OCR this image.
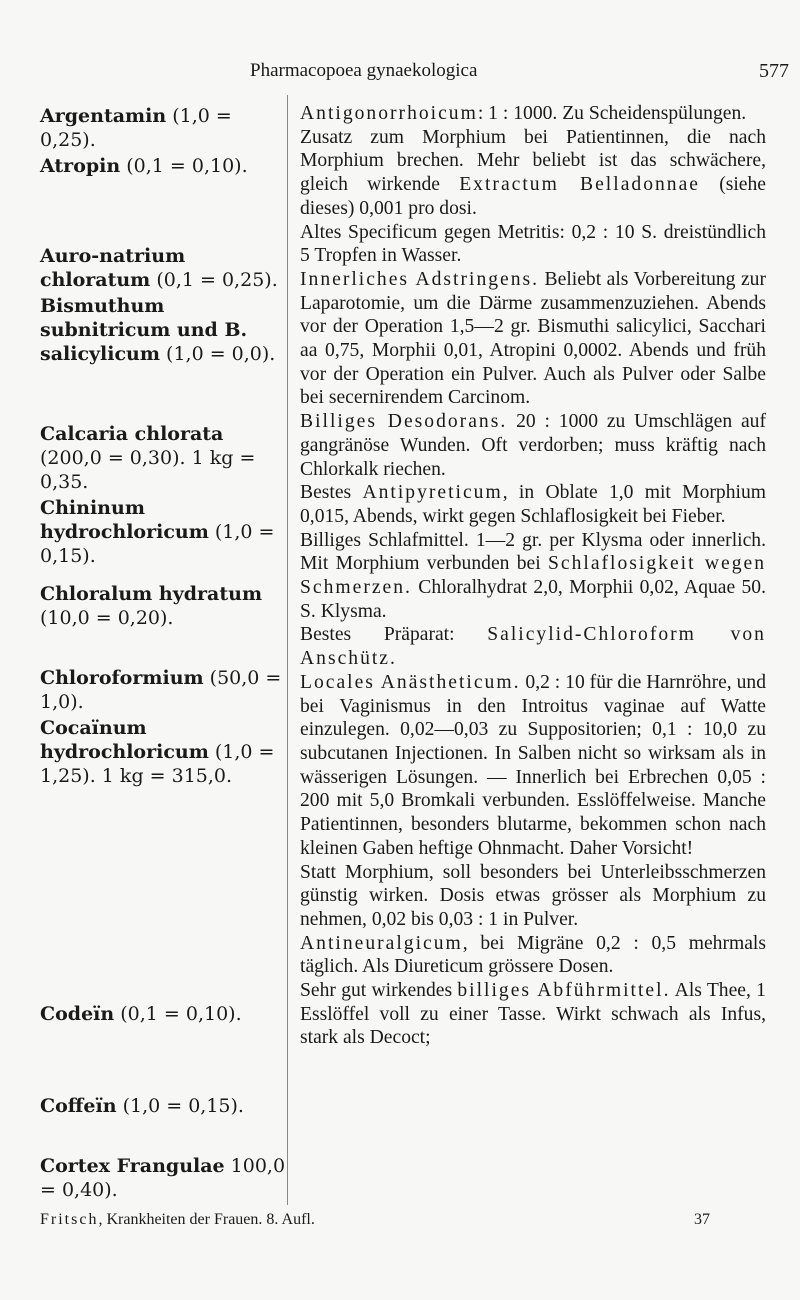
Pharmacopoea gynaekologica	577
Argentamin (1,0 = 0,25).
Atropin (0,1 = 0,10).
Auro-natrium chloratum (0,1 = 0,25).
Bismuthum subnitricum und B. salicylicum (1,0 = 0,0).
Calcaria chlorata (200,0 = 0,30). 1 kg = 0,35.
Chininum hydrochloricum (1,0 = 0,15).
Chloralum hydratum (10,0 = 0,20).
Chloroformium (50,0 = 1,0).
Cocaïnum hydrochloricum (1,0 = 1,25). 1 kg = 315,0.
Codeïn (0,1 = 0,10).
Coffeïn (1,0 = 0,15).
Cortex Frangulae 100,0 = 0,40).

Antigonorrhoicum: 1 : 1000. Zu Scheidenspülungen.

Zusatz zum Morphium bei Patientinnen, die nach Morphium brechen. Mehr beliebt ist das schwächere, gleich wirkende Extractum Belladonnae (siehe dieses) 0,001 pro dosi.

Altes Specificum gegen Metritis: 0,2 : 10 S. dreistündlich 5 Tropfen in Wasser.

Innerliches Adstringens. Beliebt als Vorbereitung zur Laparotomie, um die Därme zusammenzuziehen. Abends vor der Operation 1,5—2 gr. Bismuthi salicylici, Sacchari aa 0,75, Morphii 0,01, Atropini 0,0002. Abends und früh vor der Operation ein Pulver. Auch als Pulver oder Salbe bei secernirendem Carcinom.

Billiges Desodorans. 20 : 1000 zu Umschlägen auf gangränöse Wunden. Oft verdorben; muss kräftig nach Chlorkalk riechen.

Bestes Antipyreticum, in Oblate 1,0 mit Morphium 0,015, Abends, wirkt gegen Schlaflosigkeit bei Fieber.

Billiges Schlafmittel. 1—2 gr. per Klysma oder innerlich. Mit Morphium verbunden bei Schlaflosigkeit wegen Schmerzen. Chloralhydrat 2,0, Morphii 0,02, Aquae 50. S. Klysma.

Bestes Präparat: Salicylid-Chloroform von Anschütz.

Locales Anästheticum. 0,2 : 10 für die Harnröhre, und bei Vaginismus in den Introitus vaginae auf Watte einzulegen. 0,02—0,03 zu Suppositorien; 0,1 : 10,0 zu subcutanen Injectionen. In Salben nicht so wirksam als in wässerigen Lösungen. — Innerlich bei Erbrechen 0,05 : 200 mit 5,0 Bromkali verbunden. Esslöffelweise. Manche Patientinnen, besonders blutarme, bekommen schon nach kleinen Gaben heftige Ohnmacht. Daher Vorsicht!

Statt Morphium, soll besonders bei Unterleibsschmerzen günstig wirken. Dosis etwas grösser als Morphium zu nehmen, 0,02 bis 0,03 : 1 in Pulver.

Antineuralgicum, bei Migräne 0,2 : 0,5 mehrmals täglich. Als Diureticum grössere Dosen.

Sehr gut wirkendes billiges Abführmittel. Als Thee, 1 Esslöffel voll zu einer Tasse. Wirkt schwach als Infus, stark als Decoct;

Fritsch, Krankheiten der Frauen. 8. Aufl.	37
